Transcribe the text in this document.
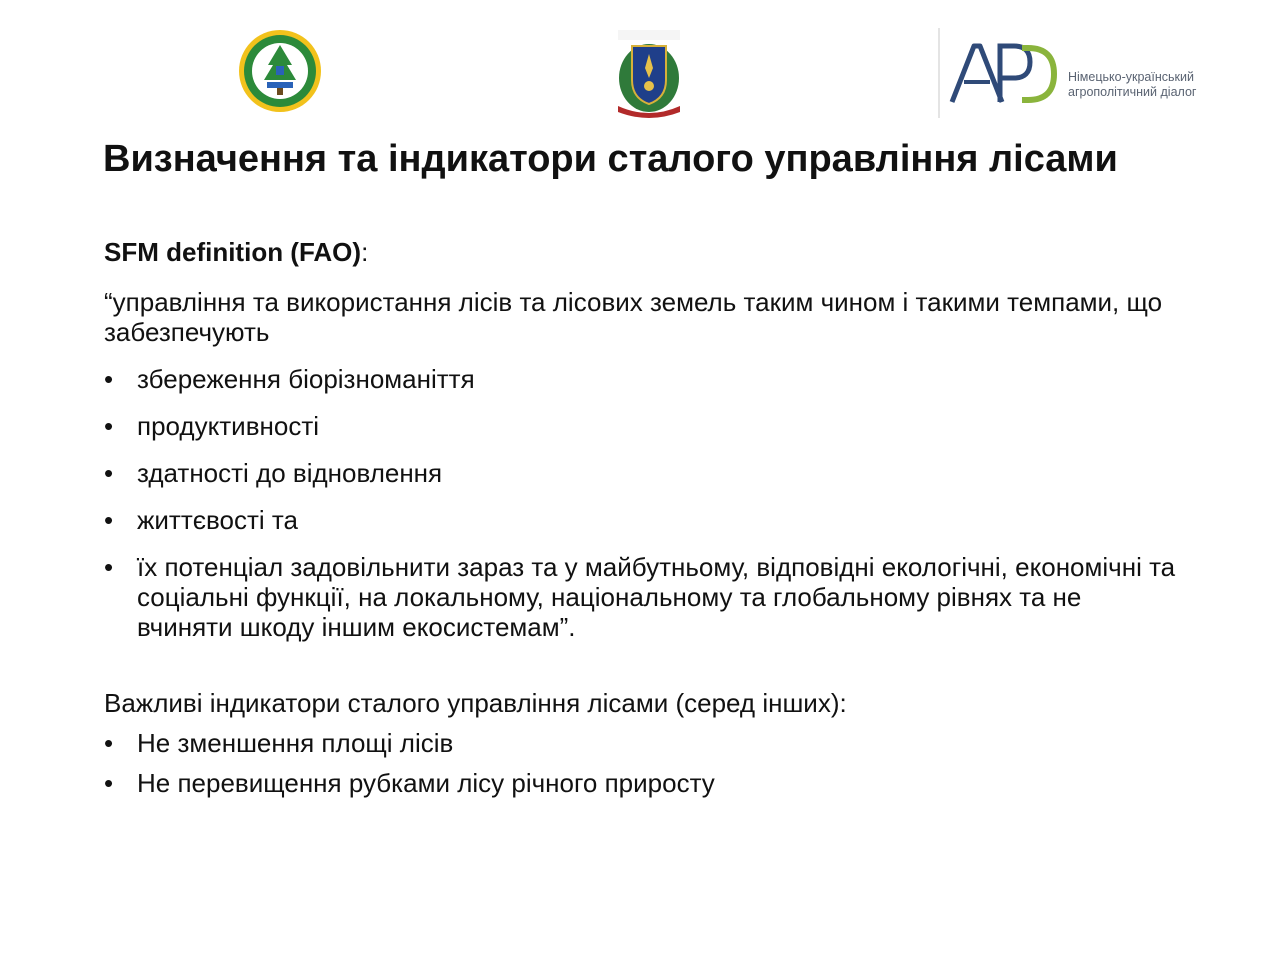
Німецько-український
агрополітичний діалог
Визначення та індикатори сталого управління лісами
SFM definition (FAO):
“управління та використання лісів та лісових земель таким чином і такими темпами, що забезпечують
• збереження біорізноманіття
• продуктивності
• здатності до відновлення
• життєвості та
• їх потенціал задовільнити зараз та у майбутньому, відповідні екологічні, економічні та соціальні функції, на локальному, національному та глобальному рівнях та не вчиняти шкоду іншим екосистемам”.
Важливі індикатори сталого управління лісами (серед інших):
• Не зменшення площі лісів
• Не перевищення рубками лісу річного приросту
